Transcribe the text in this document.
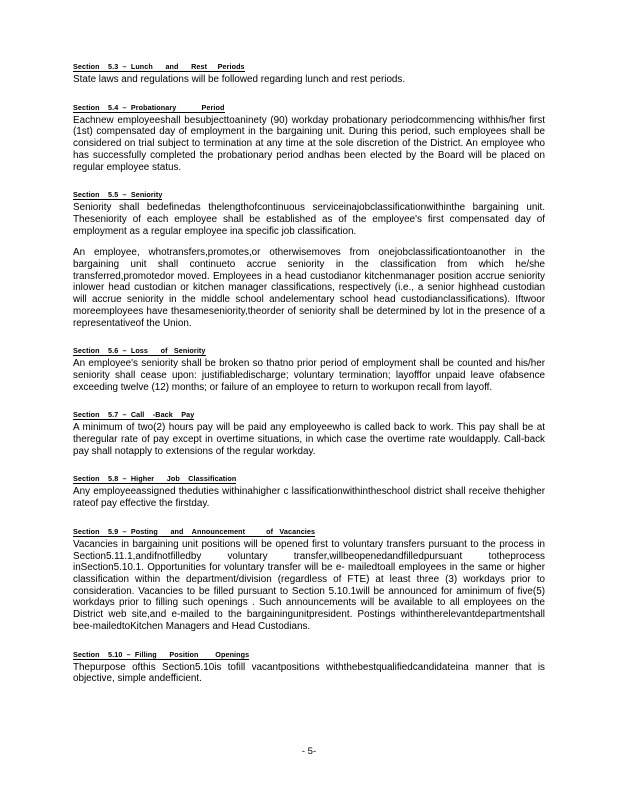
Section    5.3  –  Lunch      and      Rest     Periods

State laws and regulations will be followed regarding lunch and rest periods.

Section    5.4  –  Probationary            Period

Eachnew employeeshall besubjecttoaninety (90) workday probationary periodcommencing withhis/her first (1st) compensated day of employment in the bargaining unit. During this period, such employees shall be considered on trial subject to termination at any time at the sole discretion of the District. An employee who has successfully completed the probationary period andhas been elected by the Board will be placed on regular employee status.

Section    5.5  –  Seniority

Seniority shall bedefinedas thelengthofcontinuous serviceinajobclassificationwithinthe bargaining unit. Theseniority of each employee shall be established as of the employee's first compensated day of employment as a regular employee ina specific job classification.

An employee, whotransfers,promotes,or otherwisemoves from onejobclassificationtoanother in the bargaining unit shall continueto accrue seniority in the classification from which he/she transferred,promotedor moved. Employees in a head custodianor kitchenmanager position accrue seniority inlower head custodian or kitchen manager classifications, respectively (i.e., a senior highhead custodian will accrue seniority in the middle school andelementary school head custodianclassifications). Iftwoor moreemployees have thesameseniority,theorder of seniority shall be determined by lot in the presence of a representativeof the Union.

Section    5.6  –  Loss      of   Seniority

An employee's seniority shall be broken so thatno prior period of employment shall be counted and his/her seniority shall cease upon: justifiabledischarge; voluntary termination; layofffor unpaid leave ofabsence exceeding twelve (12) months; or failure of an employee to return to workupon recall from layoff.

Section    5.7  –  Call    -Back    Pay

A minimum of two(2) hours pay will be paid any employeewho is called back to work. This pay shall be at theregular rate of pay except in overtime situations, in which case the overtime rate wouldapply. Call-back pay shall notapply to extensions of the regular workday.

Section    5.8  –  Higher      Job    Classification

Any employeeassigned theduties withinahigher c lassificationwithintheschool district shall receive thehigher rateof pay effective the firstday.

Section    5.9  –  Posting      and    Announcement          of   Vacancies

Vacancies in bargaining unit positions will be opened first to voluntary transfers pursuant to the process in Section5.11.1,andifnotfilledby voluntary transfer,willbeopenedandfilledpursuant totheprocess inSection5.10.1. Opportunities for voluntary transfer will be e- mailedtoall employees in the same or higher classification within the department/division (regardless of FTE) at least three (3) workdays prior to consideration. Vacancies to be filled pursuant to Section 5.10.1will be announced for aminimum of five(5) workdays prior to filling such openings . Such announcements will be available to all employees on the District web site,and e-mailed to the bargainingunitpresident. Postings withintherelevantdepartmentshall bee-mailedtoKitchen Managers and Head Custodians.

Section    5.10  –  Filling      Position        Openings

Thepurpose ofthis Section5.10is tofill vacantpositions withthebestqualifiedcandidateina manner that is objective, simple andefficient.

- 5-
